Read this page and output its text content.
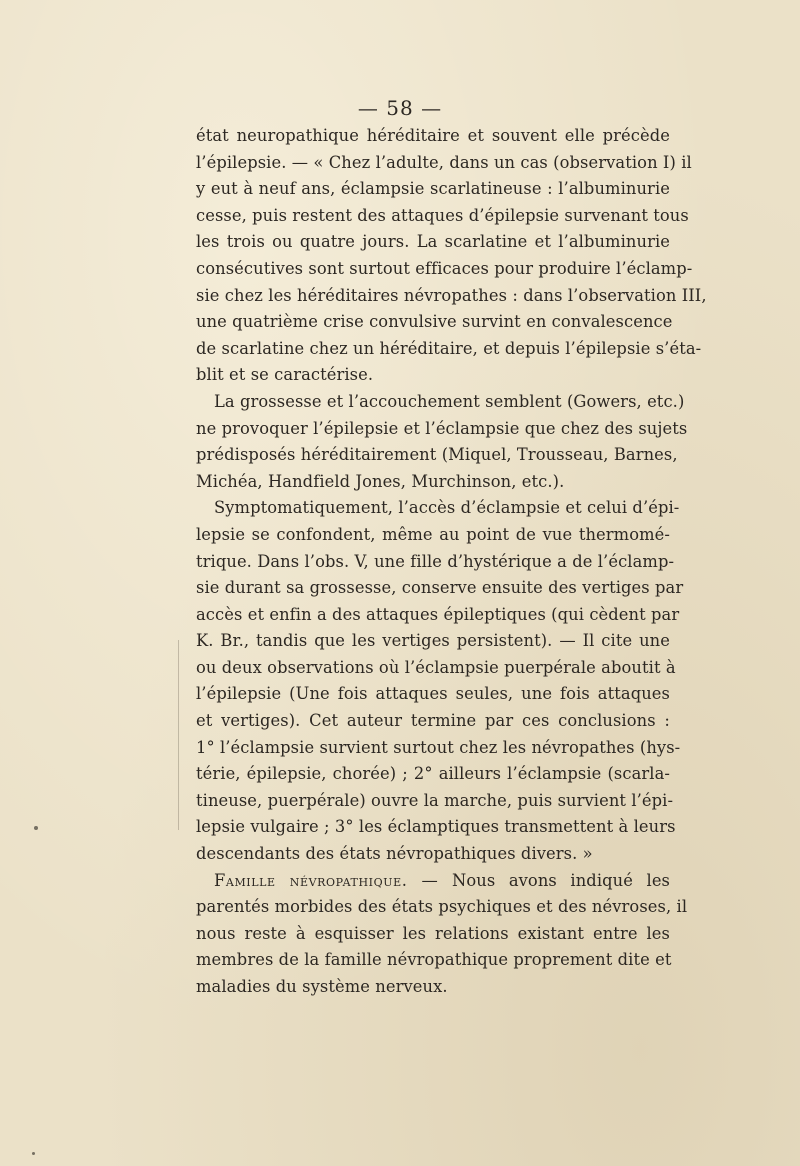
— 58 —
état neuropathique héréditaire et souvent elle précède
l’épilepsie. — « Chez l’adulte, dans un cas (observation I) il
y eut à neuf ans, éclampsie scarlatineuse : l’albuminurie
cesse, puis restent des attaques d’épilepsie survenant tous
les trois ou quatre jours. La scarlatine et l’albuminurie
consécutives sont surtout efficaces pour produire l’éclamp-
sie chez les héréditaires névropathes : dans l’observation III,
une quatrième crise convulsive survint en convalescence
de scarlatine chez un héréditaire, et depuis l’épilepsie s’éta-
blit et se caractérise.
La grossesse et l’accouchement semblent (Gowers, etc.)
ne provoquer l’épilepsie et l’éclampsie que chez des sujets
prédisposés héréditairement (Miquel, Trousseau, Barnes,
Michéa, Handfield Jones, Murchinson, etc.).
Symptomatiquement, l’accès d’éclampsie et celui d’épi-
lepsie se confondent, même au point de vue thermomé-
trique. Dans l’obs. V, une fille d’hystérique a de l’éclamp-
sie durant sa grossesse, conserve ensuite des vertiges par
accès et enfin a des attaques épileptiques (qui cèdent par
K. Br., tandis que les vertiges persistent). — Il cite une
ou deux observations où l’éclampsie puerpérale aboutit à
l’épilepsie (Une fois attaques seules, une fois attaques
et vertiges). Cet auteur termine par ces conclusions :
1° l’éclampsie survient surtout chez les névropathes (hys-
térie, épilepsie, chorée) ; 2° ailleurs l’éclampsie (scarla-
tineuse, puerpérale) ouvre la marche, puis survient l’épi-
lepsie vulgaire ; 3° les éclamptiques transmettent à leurs
descendants des états névropathiques divers. »
Famille névropathique. — Nous avons indiqué les
parentés morbides des états psychiques et des névroses, il
nous reste à esquisser les relations existant entre les
membres de la famille névropathique proprement dite et
maladies du système nerveux.
